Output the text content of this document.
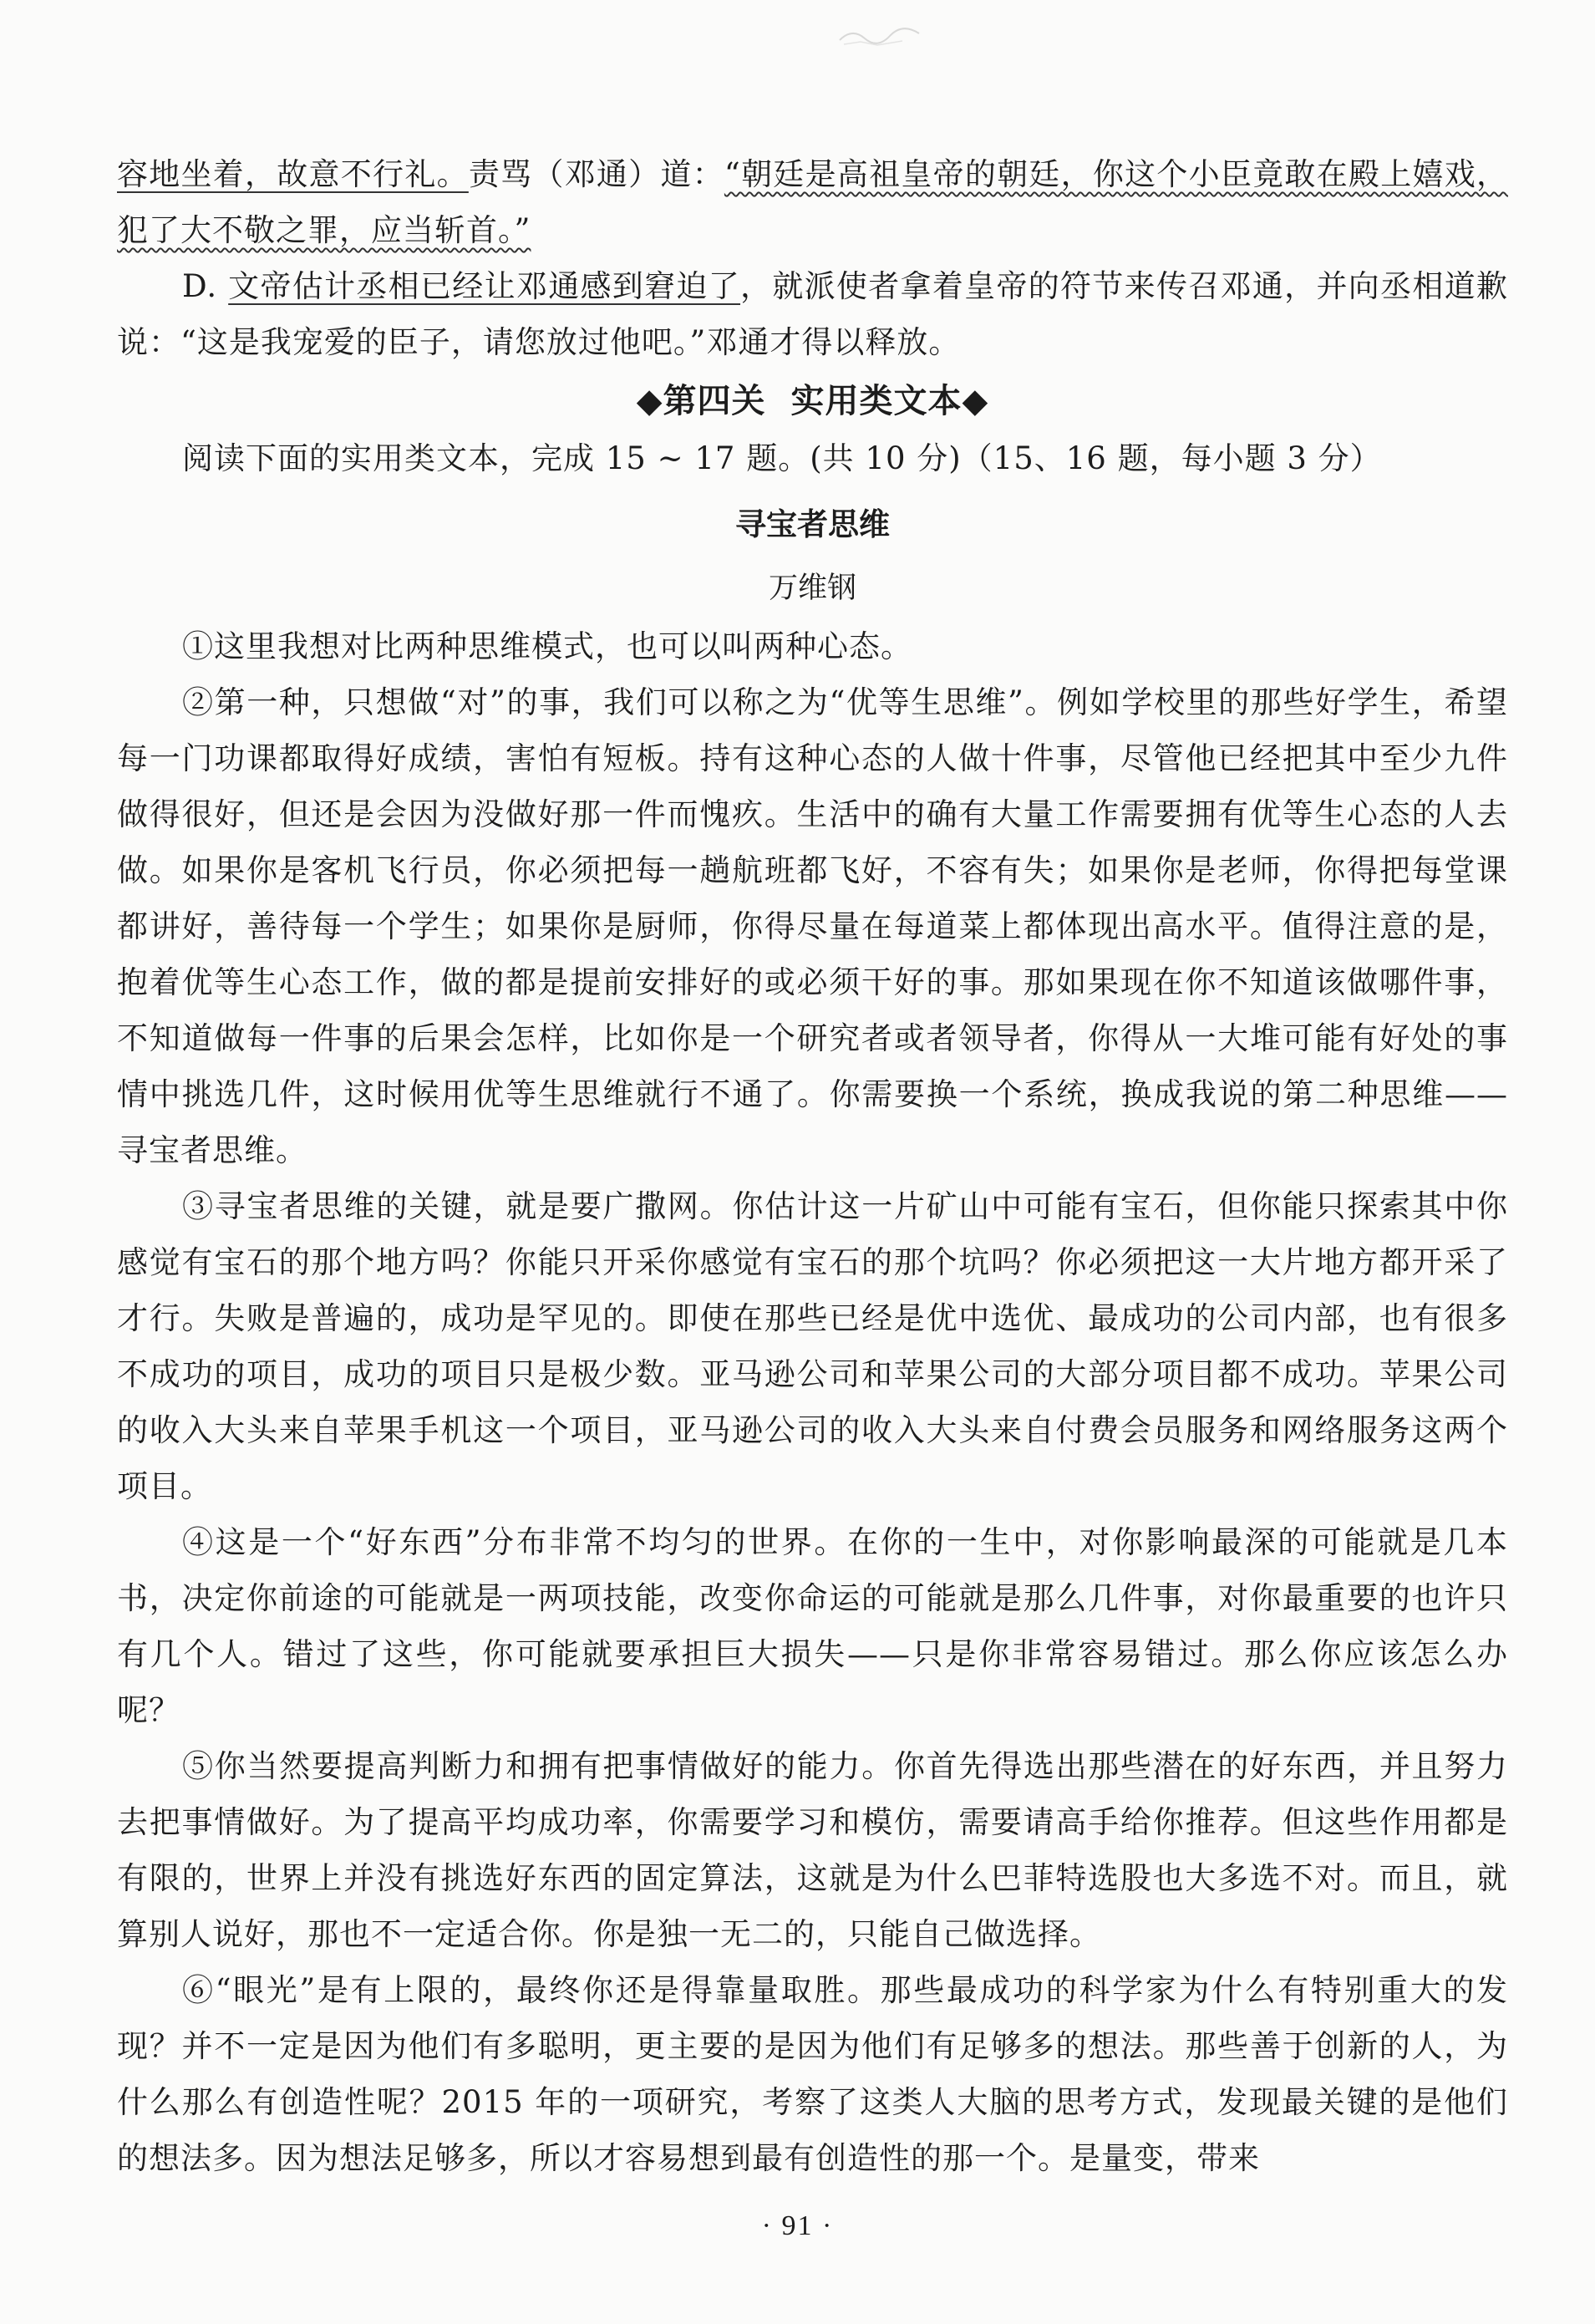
容地坐着，故意不行礼。责骂（邓通）道：“朝廷是高祖皇帝的朝廷，你这个小臣竟敢在殿上嬉戏，犯了大不敬之罪，应当斩首。”

D. 文帝估计丞相已经让邓通感到窘迫了，就派使者拿着皇帝的符节来传召邓通，并向丞相道歉说：“这是我宠爱的臣子，请您放过他吧。”邓通才得以释放。

◆第四关 实用类文本◆

阅读下面的实用类文本，完成 15 ~ 17 题。(共 10 分)（15、16 题，每小题 3 分）

寻宝者思维
万维钢

①这里我想对比两种思维模式，也可以叫两种心态。

②第一种，只想做“对”的事，我们可以称之为“优等生思维”。例如学校里的那些好学生，希望每一门功课都取得好成绩，害怕有短板。持有这种心态的人做十件事，尽管他已经把其中至少九件做得很好，但还是会因为没做好那一件而愧疚。生活中的确有大量工作需要拥有优等生心态的人去做。如果你是客机飞行员，你必须把每一趟航班都飞好，不容有失；如果你是老师，你得把每堂课都讲好，善待每一个学生；如果你是厨师，你得尽量在每道菜上都体现出高水平。值得注意的是，抱着优等生心态工作，做的都是提前安排好的或必须干好的事。那如果现在你不知道该做哪件事，不知道做每一件事的后果会怎样，比如你是一个研究者或者领导者，你得从一大堆可能有好处的事情中挑选几件，这时候用优等生思维就行不通了。你需要换一个系统，换成我说的第二种思维——寻宝者思维。

③寻宝者思维的关键，就是要广撒网。你估计这一片矿山中可能有宝石，但你能只探索其中你感觉有宝石的那个地方吗？你能只开采你感觉有宝石的那个坑吗？你必须把这一大片地方都开采了才行。失败是普遍的，成功是罕见的。即使在那些已经是优中选优、最成功的公司内部，也有很多不成功的项目，成功的项目只是极少数。亚马逊公司和苹果公司的大部分项目都不成功。苹果公司的收入大头来自苹果手机这一个项目，亚马逊公司的收入大头来自付费会员服务和网络服务这两个项目。

④这是一个“好东西”分布非常不均匀的世界。在你的一生中，对你影响最深的可能就是几本书，决定你前途的可能就是一两项技能，改变你命运的可能就是那么几件事，对你最重要的也许只有几个人。错过了这些，你可能就要承担巨大损失——只是你非常容易错过。那么你应该怎么办呢？

⑤你当然要提高判断力和拥有把事情做好的能力。你首先得选出那些潜在的好东西，并且努力去把事情做好。为了提高平均成功率，你需要学习和模仿，需要请高手给你推荐。但这些作用都是有限的，世界上并没有挑选好东西的固定算法，这就是为什么巴菲特选股也大多选不对。而且，就算别人说好，那也不一定适合你。你是独一无二的，只能自己做选择。

⑥“眼光”是有上限的，最终你还是得靠量取胜。那些最成功的科学家为什么有特别重大的发现？并不一定是因为他们有多聪明，更主要的是因为他们有足够多的想法。那些善于创新的人，为什么那么有创造性呢？2015 年的一项研究，考察了这类人大脑的思考方式，发现最关键的是他们的想法多。因为想法足够多，所以才容易想到最有创造性的那一个。是量变，带来

· 91 ·
